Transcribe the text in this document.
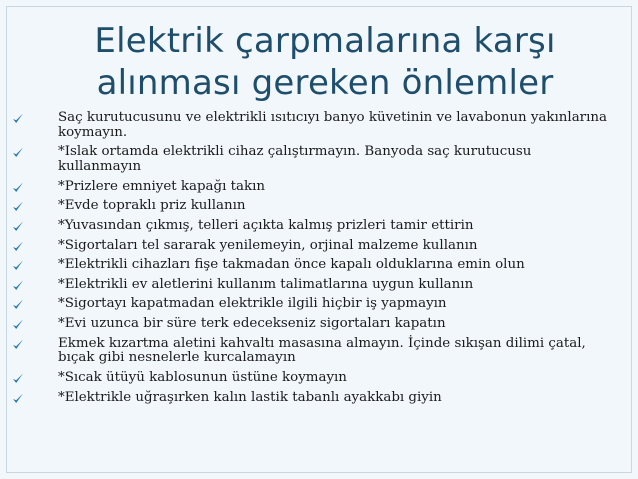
Elektrik çarpmalarına karşı
alınması gereken önlemler
Saç kurutucusunu ve elektrikli ısıtıcıyı banyo küvetinin ve lavabonun yakınlarına koymayın.
*Islak ortamda elektrikli cihaz çalıştırmayın. Banyoda saç kurutucusu kullanmayın
*Prizlere emniyet kapağı takın
*Evde topraklı priz kullanın
*Yuvasından çıkmış, telleri açıkta kalmış prizleri tamir ettirin
*Sigortaları tel sararak yenilemeyin, orjinal malzeme kullanın
*Elektrikli cihazları fişe takmadan önce kapalı olduklarına emin olun
*Elektrikli ev aletlerini kullanım talimatlarına uygun kullanın
*Sigortayı kapatmadan elektrikle ilgili hiçbir iş yapmayın
*Evi uzunca bir süre terk edecekseniz sigortaları kapatın
Ekmek kızartma aletini kahvaltı masasına almayın. İçinde sıkışan dilimi çatal, bıçak gibi nesnelerle kurcalamayın
*Sıcak ütüyü kablosunun üstüne koymayın
*Elektrikle uğraşırken kalın lastik tabanlı ayakkabı giyin
